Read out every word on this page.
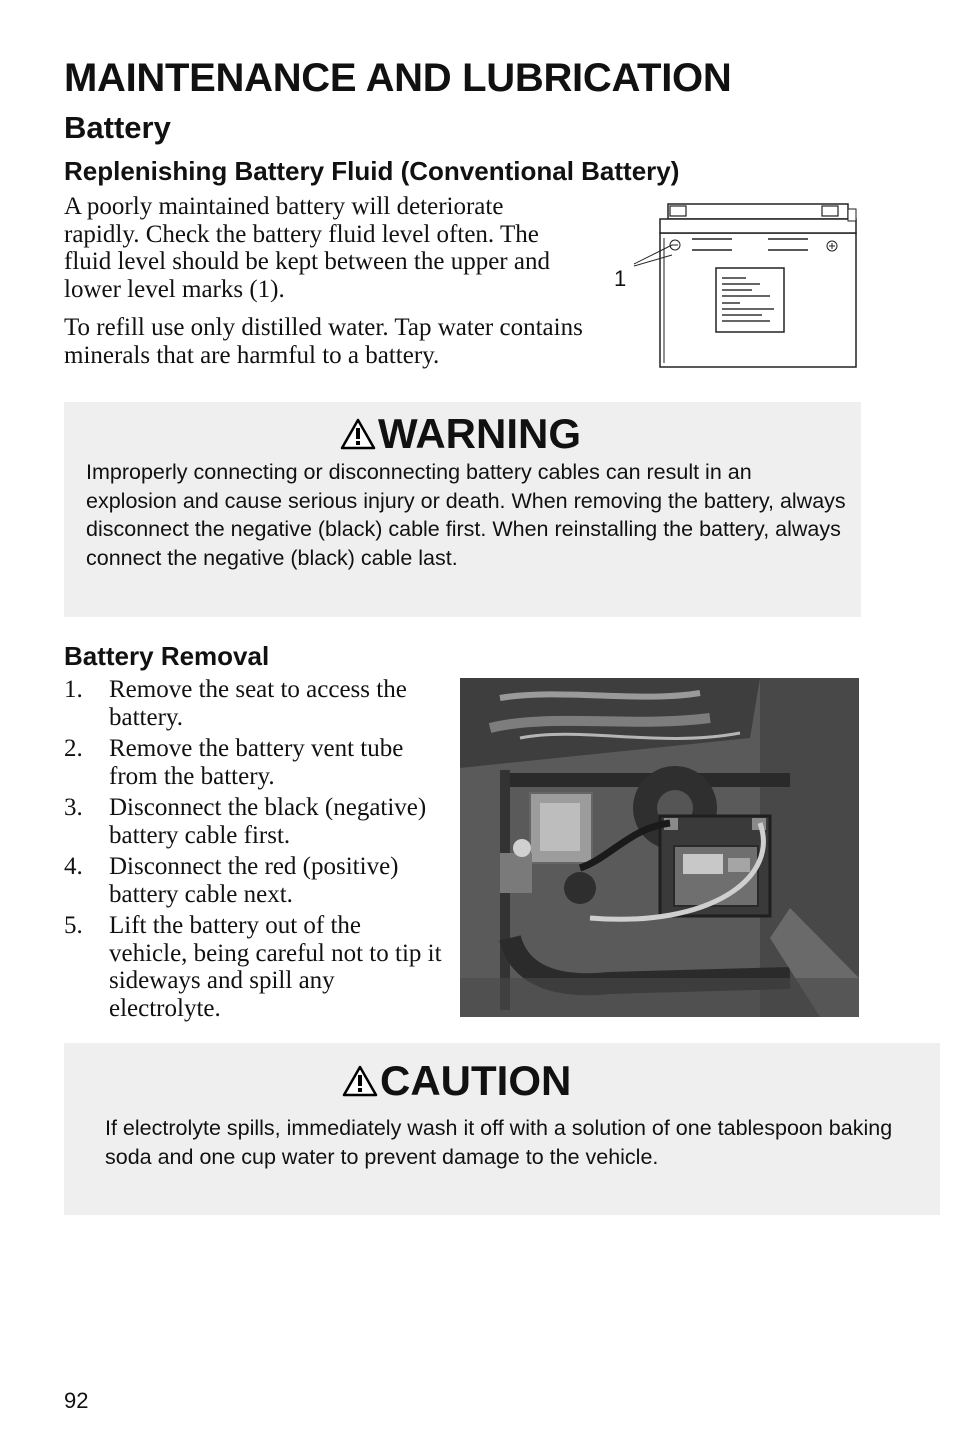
MAINTENANCE AND LUBRICATION
Battery
Replenishing Battery Fluid (Conventional Battery)

A poorly maintained battery will deteriorate rapidly. Check the battery fluid level often. The fluid level should be kept between the upper and lower level marks (1).

To refill use only distilled water. Tap water contains minerals that are harmful to a battery.

1
WARNING

Improperly connecting or disconnecting battery cables can result in an explosion and cause serious injury or death. When removing the battery, always disconnect the negative (black) cable first. When reinstalling the battery, always connect the negative (black) cable last.

Battery Removal
1.	Remove the seat to access the battery.
2.	Remove the battery vent tube from the battery.
3.	Disconnect the black (negative) battery cable first.
4.	Disconnect the red (positive) battery cable next.
5.	Lift the battery out of the vehicle, being careful not to tip it sideways and spill any electrolyte.
CAUTION

If electrolyte spills, immediately wash it off with a solution of one tablespoon baking soda and one cup water to prevent damage to the vehicle.

92
